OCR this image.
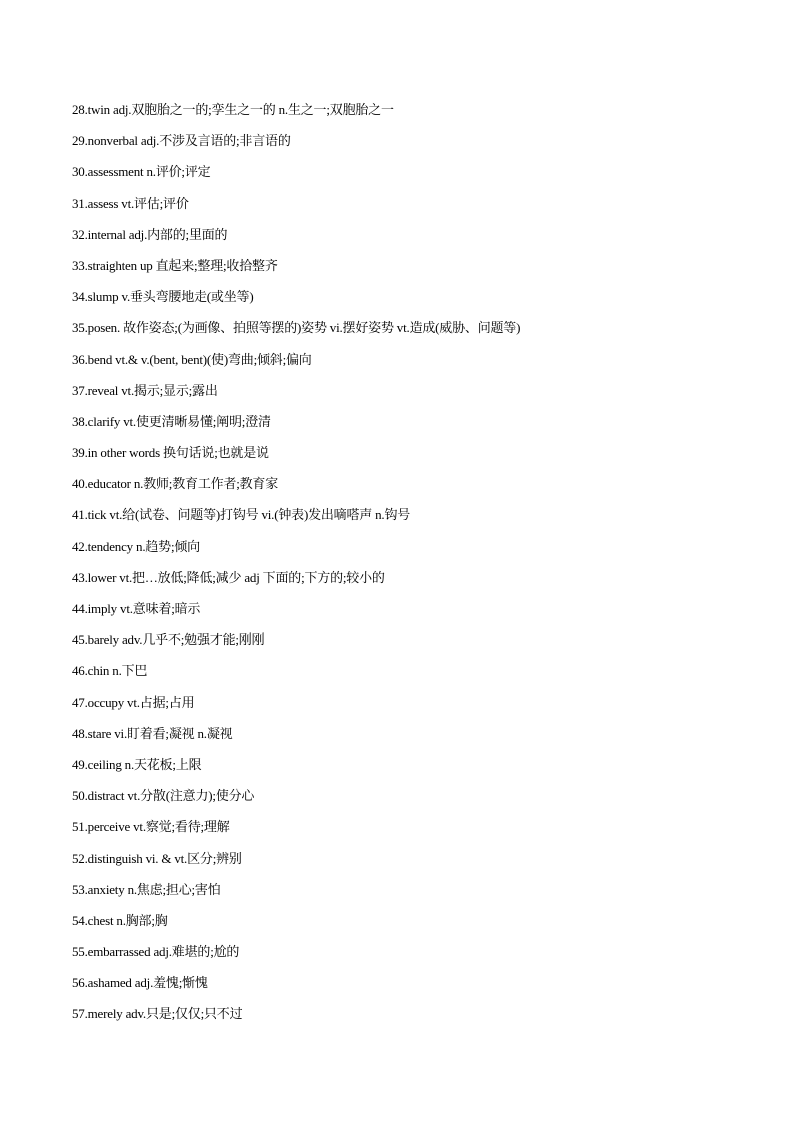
28.twin adj.双胞胎之一的;孪生之一的 n.生之一;双胞胎之一
29.nonverbal adj.不涉及言语的;非言语的
30.assessment n.评价;评定
31.assess vt.评估;评价
32.internal adj.内部的;里面的
33.straighten up 直起来;整理;收拾整齐
34.slump v.垂头弯腰地走(或坐等)
35.posen. 故作姿态;(为画像、拍照等摆的)姿势 vi.摆好姿势 vt.造成(威胁、问题等)
36.bend vt.& v.(bent, bent)(使)弯曲;倾斜;偏向
37.reveal vt.揭示;显示;露出
38.clarify vt.使更清晰易懂;阐明;澄清
39.in other words 换句话说;也就是说
40.educator n.教师;教育工作者;教育家
41.tick vt.给(试卷、问题等)打钩号 vi.(钟表)发出嘀嗒声 n.钩号
42.tendency n.趋势;倾向
43.lower vt.把…放低;降低;减少 adj 下面的;下方的;较小的
44.imply vt.意味着;暗示
45.barely adv.几乎不;勉强才能;刚刚
46.chin n.下巴
47.occupy vt.占据;占用
48.stare vi.盯着看;凝视 n.凝视
49.ceiling n.天花板;上限
50.distract vt.分散(注意力);使分心
51.perceive vt.察觉;看待;理解
52.distinguish vi. & vt.区分;辨别
53.anxiety n.焦虑;担心;害怕
54.chest n.胸部;胸
55.embarrassed adj.难堪的;尬的
56.ashamed adj.羞愧;惭愧
57.merely adv.只是;仅仅;只不过
